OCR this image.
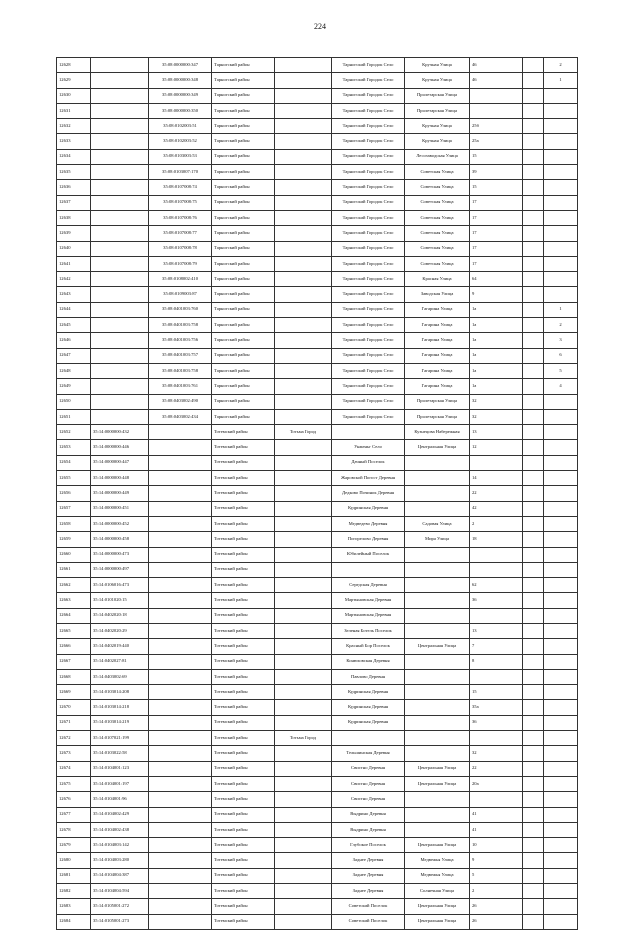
224
12628		35:08:0000000:347	Тарногский район		Тарногский Городок Село	Кручная Улица	46		2
12629		35:08:0000000:348	Тарногский район		Тарногский Городок Село	Кручная Улица	46		1
12630		35:08:0000000:349	Тарногский район		Тарногский Городок Село	Пролетарская Улица			
12631		35:08:0000000:350	Тарногский район		Тарногский Городок Село	Пролетарская Улица			
12632		35:08:0102003:51	Тарногский район		Тарногский Городок Село	Кручная Улица	25б		
12633		35:08:0102003:52	Тарногский район		Тарногский Городок Село	Кручная Улица	25а		
12634		35:08:0103003:53	Тарногский район		Тарногский Городок Село	Лесозаводская Улица	15		
12635		35:08:0103007:170	Тарногский район		Тарногский Городок Село	Советская Улица	39		
12636		35:08:0107008:74	Тарногский район		Тарногский Городок Село	Советская Улица	15		
12637		35:08:0107008:75	Тарногский район		Тарногский Городок Село	Советская Улица	17		
12638		35:08:0107008:76	Тарногский район		Тарногский Городок Село	Советская Улица	17		
12639		35:08:0107008:77	Тарногский район		Тарногский Городок Село	Советская Улица	17		
12640		35:08:0107008:78	Тарногский район		Тарногский Городок Село	Советская Улица	17		
12641		35:08:0107008:79	Тарногский район		Тарногский Городок Село	Советская Улица	17		
12642		35:08:0108002:410	Тарногский район		Тарногский Городок Село	Красная Улица	64		
12643		35:08:0109003:87	Тарногский район		Тарногский Городок Село	Заводская Улица	9		
12644		35:08:0401003:760	Тарногский район		Тарногский Городок Село	Гагарина Улица	1а		1
12645		35:08:0401003:758	Тарногский район		Тарногский Городок Село	Гагарина Улица	1а		2
12646		35:08:0401003:756	Тарногский район		Тарногский Городок Село	Гагарина Улица	1а		3
12647		35:08:0401003:757	Тарногский район		Тарногский Городок Село	Гагарина Улица	1а		6
12648		35:08:0401003:758	Тарногский район		Тарногский Городок Село	Гагарина Улица	1а		5
12649		35:08:0401003:761	Тарногский район		Тарногский Городок Село	Гагарина Улица	1а		4
12650		35:08:0403002:490	Тарногский район		Тарногский Городок Село	Пролетарская Улица	32		
12651		35:08:0403002:434	Тарногский район		Тарногский Городок Село	Пролетарская Улица	32		
12652	35:14:0000000:432		Тотемский район	Тотьма Город		Кузнецова Набережная	13		
12653	35:14:0000000:446		Тотемский район		Унженьг Село	Центральная Улица	12		
12654	35:14:0000000:447		Тотемский район		Дачный Поселок				
12655	35:14:0000000:448		Тотемский район		Жаровской Погост Деревня		14		
12656	35:14:0000000:449		Тотемский район		Дедково Починок Деревня		22		
12657	35:14:0000000:451		Тотемский район		Кудринская Деревня		42		
12658	35:14:0000000:452		Тотемский район		Медведево Деревня	Садовая Улица	2		
12659	35:14:0000000:458		Тотемский район		Погорелово Деревня	Мира Улица	18		
12660	35:14:0000000:473		Тотемский район		Юбилейный Поселок				
12661	35:14:0000000:497		Тотемский район						
12662	35:14:0106016:473		Тотемский район		Середская Деревня		62		
12663	35:14:0101020:15		Тотемский район		Мартыновская Деревня		36		
12664	35:14:0402020:18		Тотемский район		Мартыновская Деревня				
12665	35:14:0402020:29		Тотемский район		Зеленая Ботель Поселок		13		
12666	35:14:0402019:440		Тотемский район		Красный Бор Поселок	Центральная Улица	7		
12667	35:14:0402027:81		Тотемский район		Конюховская Деревня		8		
12668	35:14:0403002:69		Тотемский район		Павлово Деревня				
12669	35:14:0103014:208		Тотемский район		Кудринская Деревня		15		
12670	35:14:0103014:218		Тотемский район		Кудринская Деревня		35а		
12671	35:14:0103014:219		Тотемский район		Кудринская Деревня		36		
12672	35:14:0107021:199		Тотемский район	Тотьма Город					
12673	35:14:0103022:58		Тотемский район		Тельшинская Деревня		32		
12674	35:14:0104001:123		Тотемский район		Свистно Деревня	Центральная Улица	22		
12675	35:14:0104001:197		Тотемский район		Свистно Деревня	Центральная Улица	20а		
12676	35:14:0104001:96		Тотемский район		Свистно Деревня				
12677	35:14:0104002:429		Тотемский район		Выдрино Деревня		41		
12678	35:14:0104002:438		Тотемский район		Выдрино Деревня		41		
12679	35:14:0104003:142		Тотемский район		Глубокое Поселок	Центральная Улица	10		
12680	35:14:0104003:280		Тотемский район		Заднее Деревня	Медвежья Улица	9		
12681	35:14:0104004:387		Тотемский район		Заднее Деревня	Медвежья Улица	5		
12682	35:14:0104004:594		Тотемский район		Заднее Деревня	Солнечная Улица	2		
12683	35:14:0105001:272		Тотемский район		Советский Поселок	Центральная Улица	26		
12684	35:14:0105001:273		Тотемский район		Советский Поселок	Центральная Улица	26		
